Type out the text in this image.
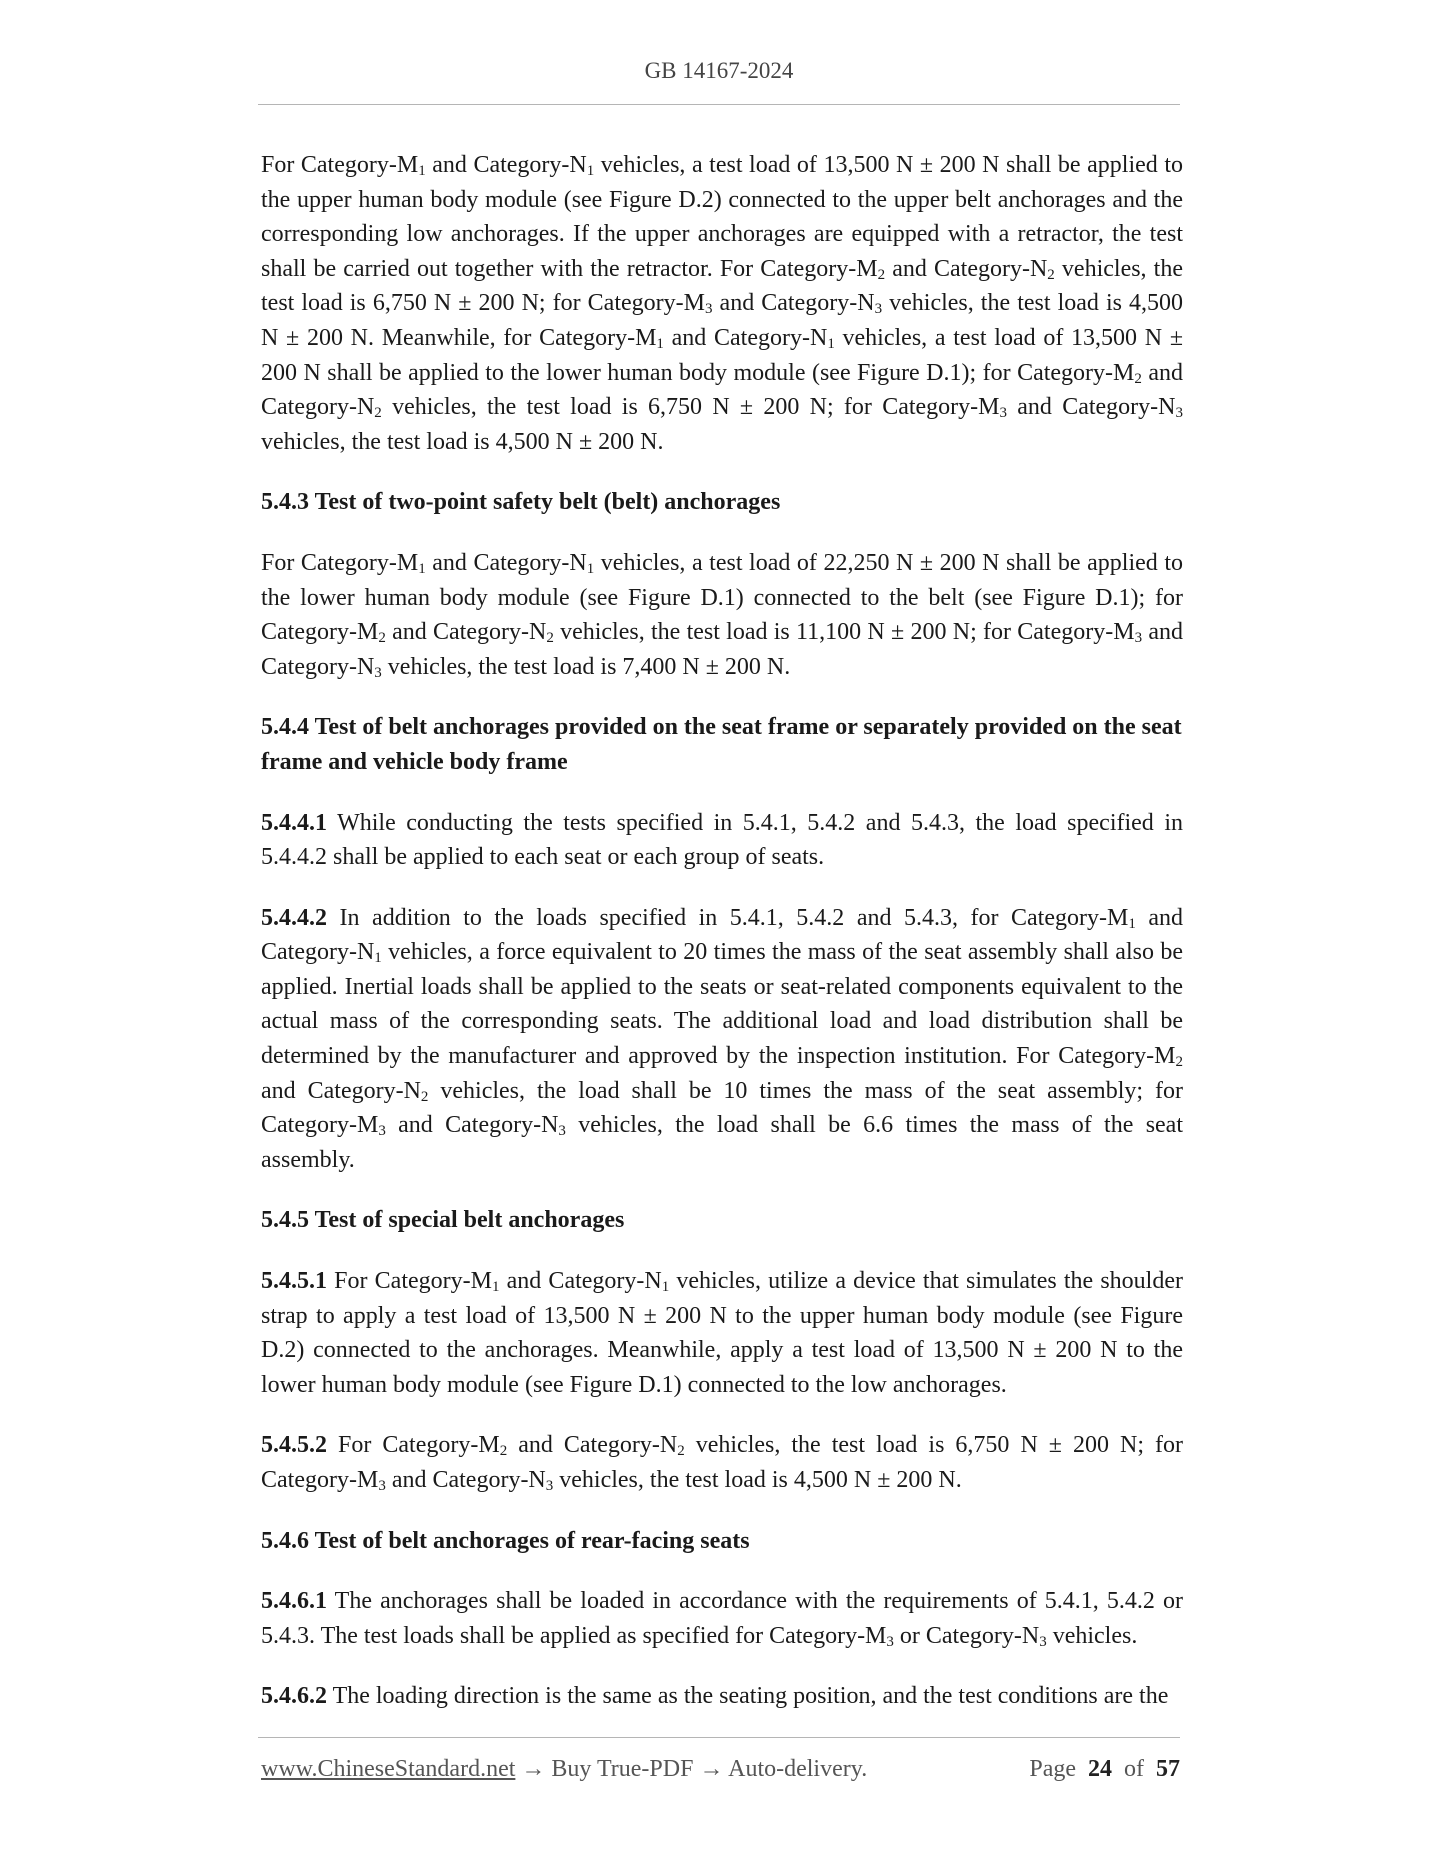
GB 14167-2024

For Category-$M_1$ and Category-$N_1$ vehicles, a test load of 13,500 N ± 200 N shall be applied to the upper human body module (see Figure D.2) connected to the upper belt anchorages and the corresponding low anchorages. If the upper anchorages are equipped with a retractor, the test shall be carried out together with the retractor. For Category-$M_2$ and Category-$N_2$ vehicles, the test load is 6,750 N ± 200 N; for Category-$M_3$ and Category-$N_3$ vehicles, the test load is 4,500 N ± 200 N. Meanwhile, for Category-$M_1$ and Category-$N_1$ vehicles, a test load of 13,500 N ± 200 N shall be applied to the lower human body module (see Figure D.1); for Category-$M_2$ and Category-$N_2$ vehicles, the test load is 6,750 N ± 200 N; for Category-$M_3$ and Category-$N_3$ vehicles, the test load is 4,500 N ± 200 N.

5.4.3 Test of two-point safety belt (belt) anchorages

For Category-$M_1$ and Category-$N_1$ vehicles, a test load of 22,250 N ± 200 N shall be applied to the lower human body module (see Figure D.1) connected to the belt (see Figure D.1); for Category-$M_2$ and Category-$N_2$ vehicles, the test load is 11,100 N ± 200 N; for Category-$M_3$ and Category-$N_3$ vehicles, the test load is 7,400 N ± 200 N.

5.4.4 Test of belt anchorages provided on the seat frame or separately provided on the seat frame and vehicle body frame

5.4.4.1 While conducting the tests specified in 5.4.1, 5.4.2 and 5.4.3, the load specified in 5.4.4.2 shall be applied to each seat or each group of seats.

5.4.4.2 In addition to the loads specified in 5.4.1, 5.4.2 and 5.4.3, for Category-$M_1$ and Category-$N_1$ vehicles, a force equivalent to 20 times the mass of the seat assembly shall also be applied. Inertial loads shall be applied to the seats or seat-related components equivalent to the actual mass of the corresponding seats. The additional load and load distribution shall be determined by the manufacturer and approved by the inspection institution. For Category-$M_2$ and Category-$N_2$ vehicles, the load shall be 10 times the mass of the seat assembly; for Category-$M_3$ and Category-$N_3$ vehicles, the load shall be 6.6 times the mass of the seat assembly.

5.4.5 Test of special belt anchorages

5.4.5.1 For Category-$M_1$ and Category-$N_1$ vehicles, utilize a device that simulates the shoulder strap to apply a test load of 13,500 N ± 200 N to the upper human body module (see Figure D.2) connected to the anchorages. Meanwhile, apply a test load of 13,500 N ± 200 N to the lower human body module (see Figure D.1) connected to the low anchorages.

5.4.5.2 For Category-$M_2$ and Category-$N_2$ vehicles, the test load is 6,750 N ± 200 N; for Category-$M_3$ and Category-$N_3$ vehicles, the test load is 4,500 N ± 200 N.

5.4.6 Test of belt anchorages of rear-facing seats

5.4.6.1 The anchorages shall be loaded in accordance with the requirements of 5.4.1, 5.4.2 or 5.4.3. The test loads shall be applied as specified for Category-$M_3$ or Category-$N_3$ vehicles.

5.4.6.2 The loading direction is the same as the seating position, and the test conditions are the

www.ChineseStandard.net → Buy True-PDF → Auto-delivery.	Page 24 of 57
